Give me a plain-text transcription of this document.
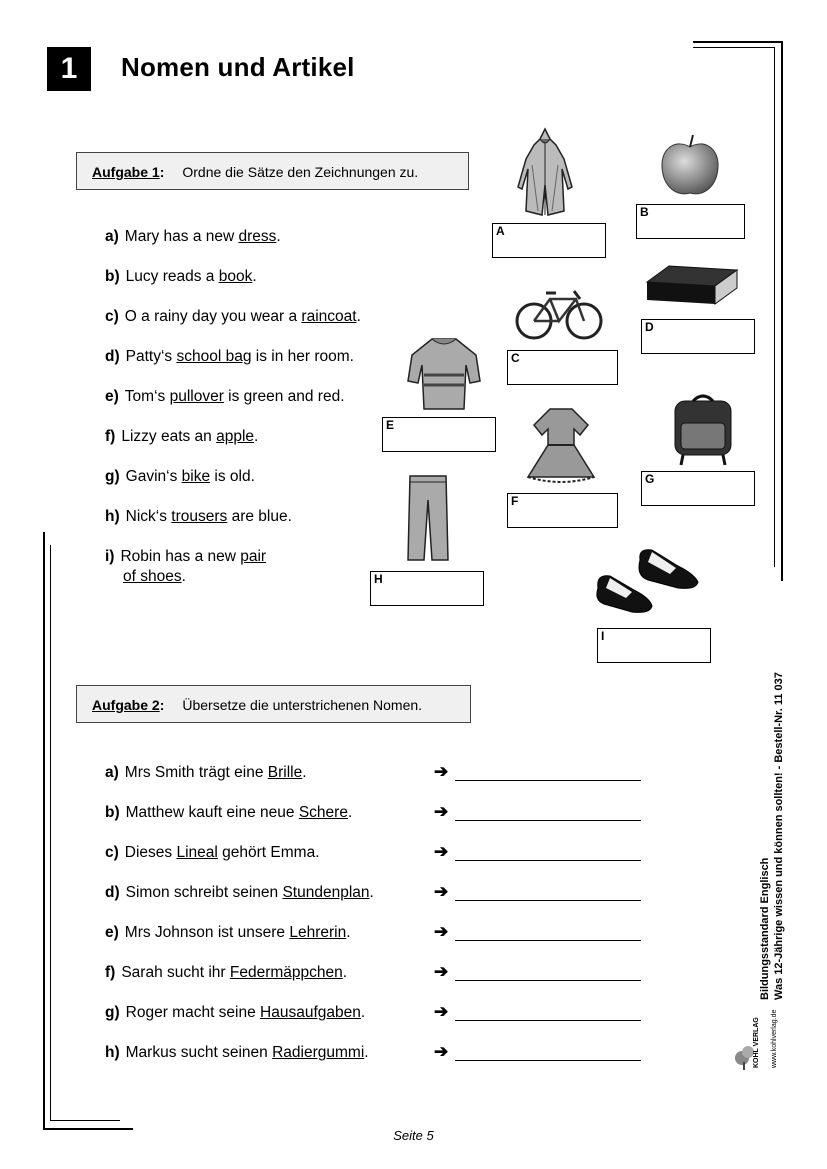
1	Nomen und Artikel
Aufgabe 1: Ordne die Sätze den Zeichnungen zu.
a) Mary has a new dress.
b) Lucy reads a book.
c) O a rainy day you wear a raincoat.
d) Patty‘s school bag is in her room.
e) Tom‘s pullover is green and red.
f) Lizzy eats an apple.
g) Gavin‘s bike is old.
h) Nick‘s trousers are blue.
i) Robin has a new pair
of shoes.
A
B
C
D
E
F
G
H
I
Aufgabe 2: Übersetze die unterstrichenen Nomen.
a) Mrs Smith trägt eine Brille.
b) Matthew kauft eine neue Schere.
c) Dieses Lineal gehört Emma.
d) Simon schreibt seinen Stundenplan.
e) Mrs Johnson ist unsere Lehrerin.
f) Sarah sucht ihr Federmäppchen.
g) Roger macht seine Hausaufgaben.
h) Markus sucht seinen Radiergummi.
➔
➔
➔
➔
➔
➔
➔
➔
Bildungsstandard Englisch Was 12-Jährige wissen und können sollten! - Bestell-Nr. 11 037
KOHL VERLAG www.kohlverlag.de
Seite 5
